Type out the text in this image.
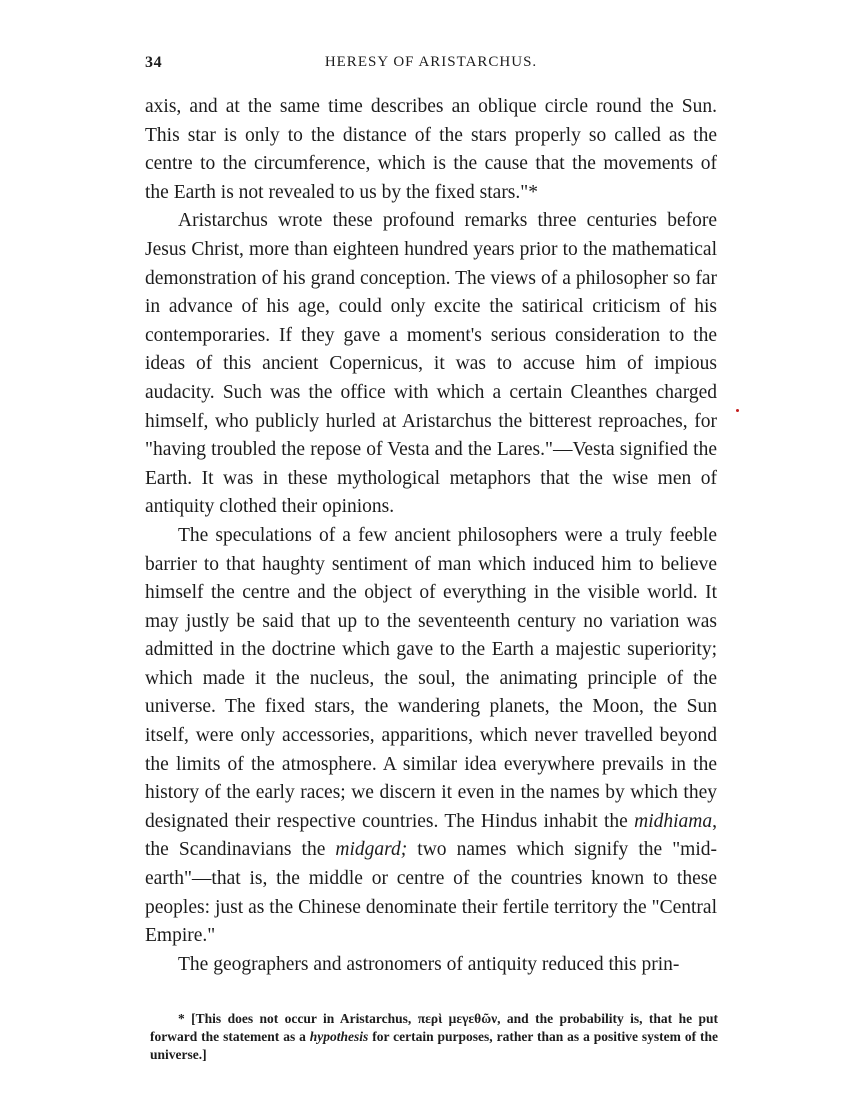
34	HERESY OF ARISTARCHUS.

axis, and at the same time describes an oblique circle round the Sun. This star is only to the distance of the stars properly so called as the centre to the circumference, which is the cause that the movements of the Earth is not revealed to us by the fixed stars."*

Aristarchus wrote these profound remarks three centuries before Jesus Christ, more than eighteen hundred years prior to the mathematical demonstration of his grand conception. The views of a philosopher so far in advance of his age, could only excite the satirical criticism of his contemporaries. If they gave a moment's serious consideration to the ideas of this ancient Copernicus, it was to accuse him of impious audacity. Such was the office with which a certain Cleanthes charged himself, who publicly hurled at Aristarchus the bitterest reproaches, for "having troubled the repose of Vesta and the Lares."—Vesta signified the Earth. It was in these mythological metaphors that the wise men of antiquity clothed their opinions.

The speculations of a few ancient philosophers were a truly feeble barrier to that haughty sentiment of man which induced him to believe himself the centre and the object of everything in the visible world. It may justly be said that up to the seventeenth century no variation was admitted in the doctrine which gave to the Earth a majestic superiority; which made it the nucleus, the soul, the animating principle of the universe. The fixed stars, the wandering planets, the Moon, the Sun itself, were only accessories, apparitions, which never travelled beyond the limits of the atmosphere. A similar idea everywhere prevails in the history of the early races; we discern it even in the names by which they designated their respective countries. The Hindus inhabit the midhiama, the Scandinavians the midgard; two names which signify the "mid-earth"—that is, the middle or centre of the countries known to these peoples: just as the Chinese denominate their fertile territory the "Central Empire."

The geographers and astronomers of antiquity reduced this prin-

* [This does not occur in Aristarchus, περὶ μεγεθῶν, and the probability is, that he put forward the statement as a hypothesis for certain purposes, rather than as a positive system of the universe.]
